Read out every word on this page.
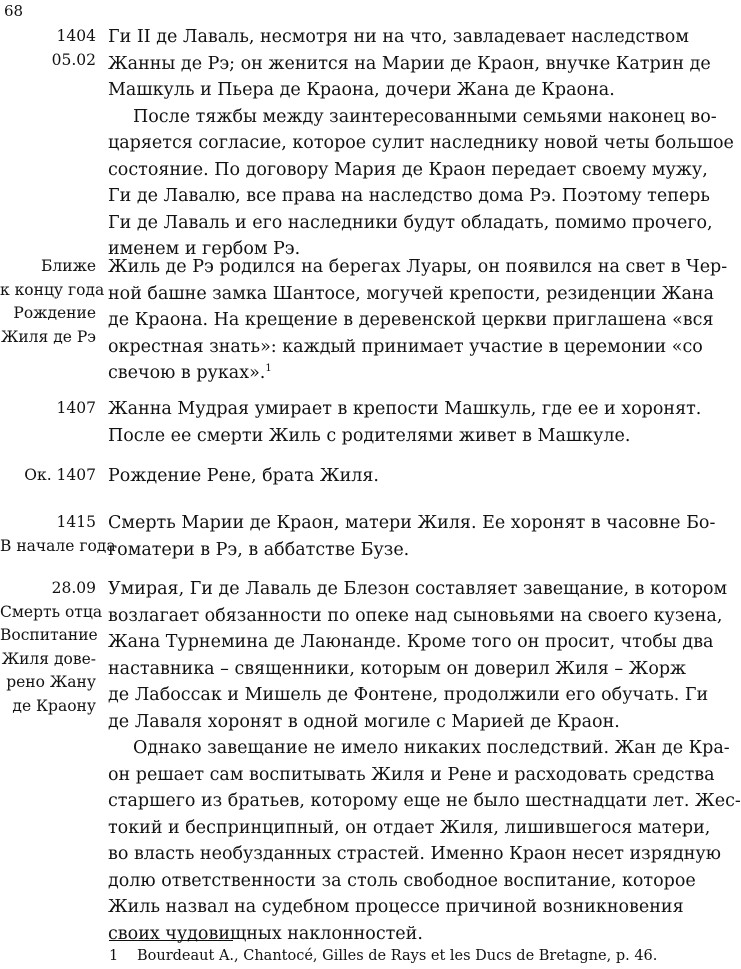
68
1404
05.02

Ги II де Лаваль, несмотря ни на что, завладевает наследством
Жанны де Рэ; он женится на Марии де Краон, внучке Катрин де
Машкуль и Пьера де Краона, дочери Жана де Краона.

После тяжбы между заинтересованными семьями наконец во-
царяется согласие, которое сулит наследнику новой четы большое
состояние. По договору Мария де Краон передает своему мужу,
Ги де Лавалю, все права на наследство дома Рэ. Поэтому теперь
Ги де Лаваль и его наследники будут обладать, помимо прочего,
именем и гербом Рэ.

Ближе
к концу года
Рождение
Жиля де Рэ

Жиль де Рэ родился на берегах Луары, он появился на свет в Чер-
ной башне замка Шантосе, могучей крепости, резиденции Жана
де Краона. На крещение в деревенской церкви приглашена «вся
окрестная знать»: каждый принимает участие в церемонии «со
свечою в руках».$^1$

1407 Жанна Мудрая умирает в крепости Машкуль, где ее и хоронят.
После ее смерти Жиль с родителями живет в Машкуле.

Ок. 1407 Рождение Рене, брата Жиля.

1415
В начале года

Смерть Марии де Краон, матери Жиля. Ее хоронят в часовне Бо-
гоматери в Рэ, в аббатстве Бузе.

28.09
Смерть отца
Воспитание
Жиля дове-
рено Жану
де Краону

Умирая, Ги де Лаваль де Блезон составляет завещание, в котором
возлагает обязанности по опеке над сыновьями на своего кузена,
Жана Турнемина де Лаюнанде. Кроме того он просит, чтобы два
наставника – священники, которым он доверил Жиля – Жорж
де Лабоссак и Мишель де Фонтене, продолжили его обучать. Ги
де Лаваля хоронят в одной могиле с Марией де Краон.

Однако завещание не имело никаких последствий. Жан де Кра-
он решает сам воспитывать Жиля и Рене и расходовать средства
старшего из братьев, которому еще не было шестнадцати лет. Жес-
токий и беспринципный, он отдает Жиля, лишившегося матери,
во власть необузданных страстей. Именно Краон несет изрядную
долю ответственности за столь свободное воспитание, которое
Жиль назвал на судебном процессе причиной возникновения
своих чудовищных наклонностей.

1 Bourdeaut A., Chantocé, Gilles de Rays et les Ducs de Bretagne, p. 46.
